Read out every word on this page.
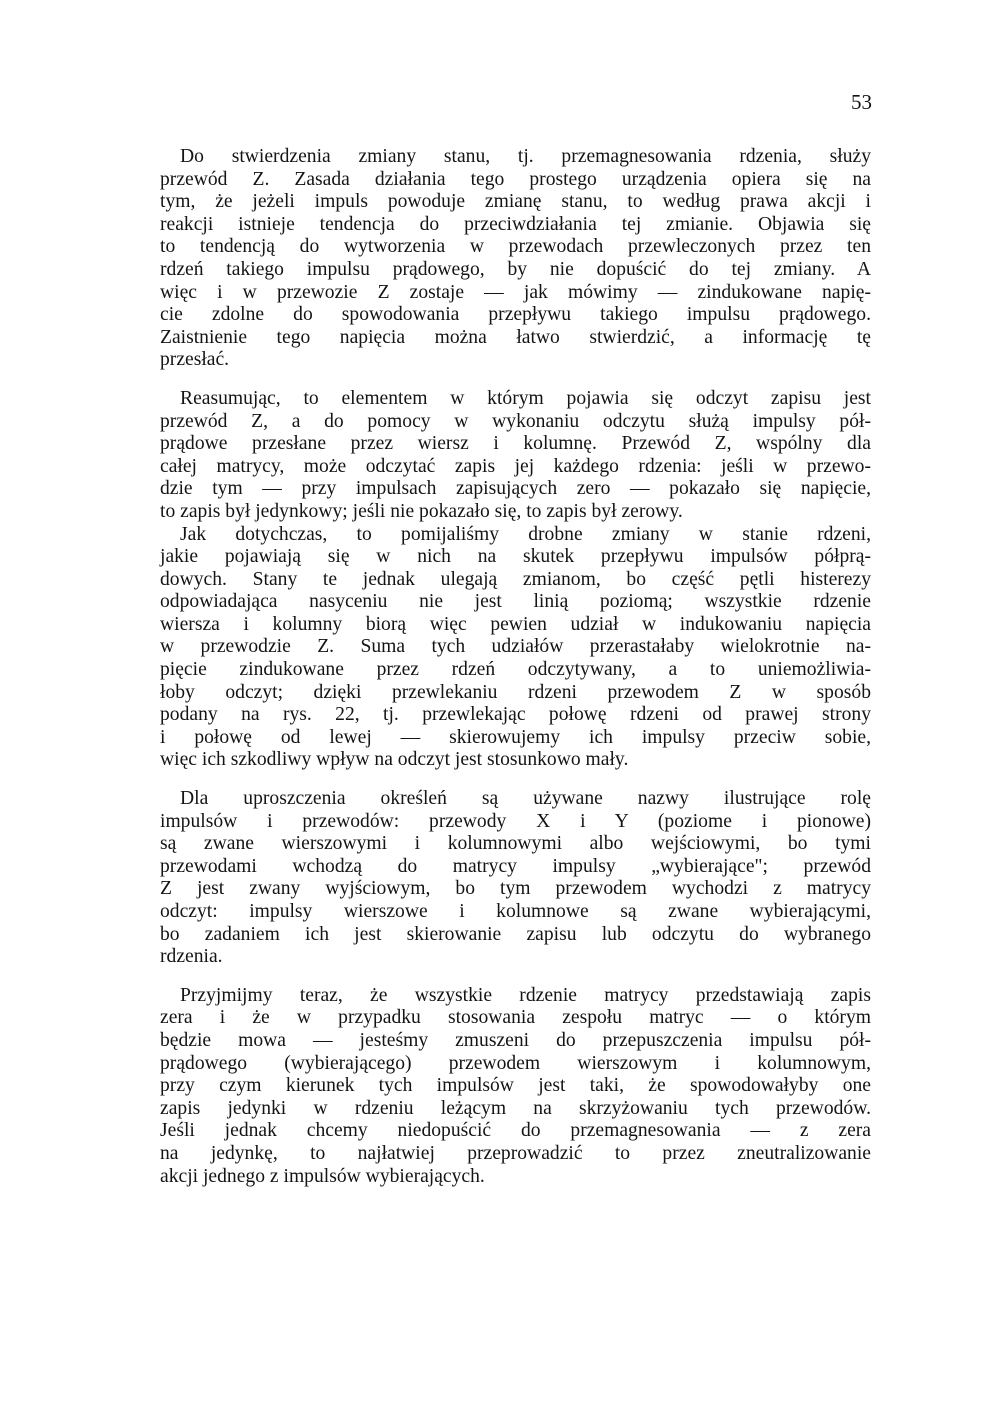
53
Do stwierdzenia zmiany stanu, tj. przemagnesowania rdzenia, służy
przewód Z. Zasada działania tego prostego urządzenia opiera się na
tym, że jeżeli impuls powoduje zmianę stanu, to według prawa akcji i
reakcji istnieje tendencja do przeciwdziałania tej zmianie. Objawia się
to tendencją do wytworzenia w przewodach przewleczonych przez ten
rdzeń takiego impulsu prądowego, by nie dopuścić do tej zmiany. A
więc i w przewozie Z zostaje — jak mówimy — zindukowane napię-
cie zdolne do spowodowania przepływu takiego impulsu prądowego.
Zaistnienie tego napięcia można łatwo stwierdzić, a informację tę
przesłać.
Reasumując, to elementem w którym pojawia się odczyt zapisu jest
przewód Z, a do pomocy w wykonaniu odczytu służą impulsy pół-
prądowe przesłane przez wiersz i kolumnę. Przewód Z, wspólny dla
całej matrycy, może odczytać zapis jej każdego rdzenia: jeśli w przewo-
dzie tym — przy impulsach zapisujących zero — pokazało się napięcie,
to zapis był jedynkowy; jeśli nie pokazało się, to zapis był zerowy.
Jak dotychczas, to pomijaliśmy drobne zmiany w stanie rdzeni,
jakie pojawiają się w nich na skutek przepływu impulsów półprą-
dowych. Stany te jednak ulegają zmianom, bo część pętli histerezy
odpowiadająca nasyceniu nie jest linią poziomą; wszystkie rdzenie
wiersza i kolumny biorą więc pewien udział w indukowaniu napięcia
w przewodzie Z. Suma tych udziałów przerastałaby wielokrotnie na-
pięcie zindukowane przez rdzeń odczytywany, a to uniemożliwia-
łoby odczyt; dzięki przewlekaniu rdzeni przewodem Z w sposób
podany na rys. 22, tj. przewlekając połowę rdzeni od prawej strony
i połowę od lewej — skierowujemy ich impulsy przeciw sobie,
więc ich szkodliwy wpływ na odczyt jest stosunkowo mały.
Dla uproszczenia określeń są używane nazwy ilustrujące rolę
impulsów i przewodów: przewody X i Y (poziome i pionowe)
są zwane wierszowymi i kolumnowymi albo wejściowymi, bo tymi
przewodami wchodzą do matrycy impulsy „wybierające"; przewód
Z jest zwany wyjściowym, bo tym przewodem wychodzi z matrycy
odczyt: impulsy wierszowe i kolumnowe są zwane wybierającymi,
bo zadaniem ich jest skierowanie zapisu lub odczytu do wybranego
rdzenia.
Przyjmijmy teraz, że wszystkie rdzenie matrycy przedstawiają zapis
zera i że w przypadku stosowania zespołu matryc — o którym
będzie mowa — jesteśmy zmuszeni do przepuszczenia impulsu pół-
prądowego (wybierającego) przewodem wierszowym i kolumnowym,
przy czym kierunek tych impulsów jest taki, że spowodowałyby one
zapis jedynki w rdzeniu leżącym na skrzyżowaniu tych przewodów.
Jeśli jednak chcemy niedopuścić do przemagnesowania — z zera
na jedynkę, to najłatwiej przeprowadzić to przez zneutralizowanie
akcji jednego z impulsów wybierających.
